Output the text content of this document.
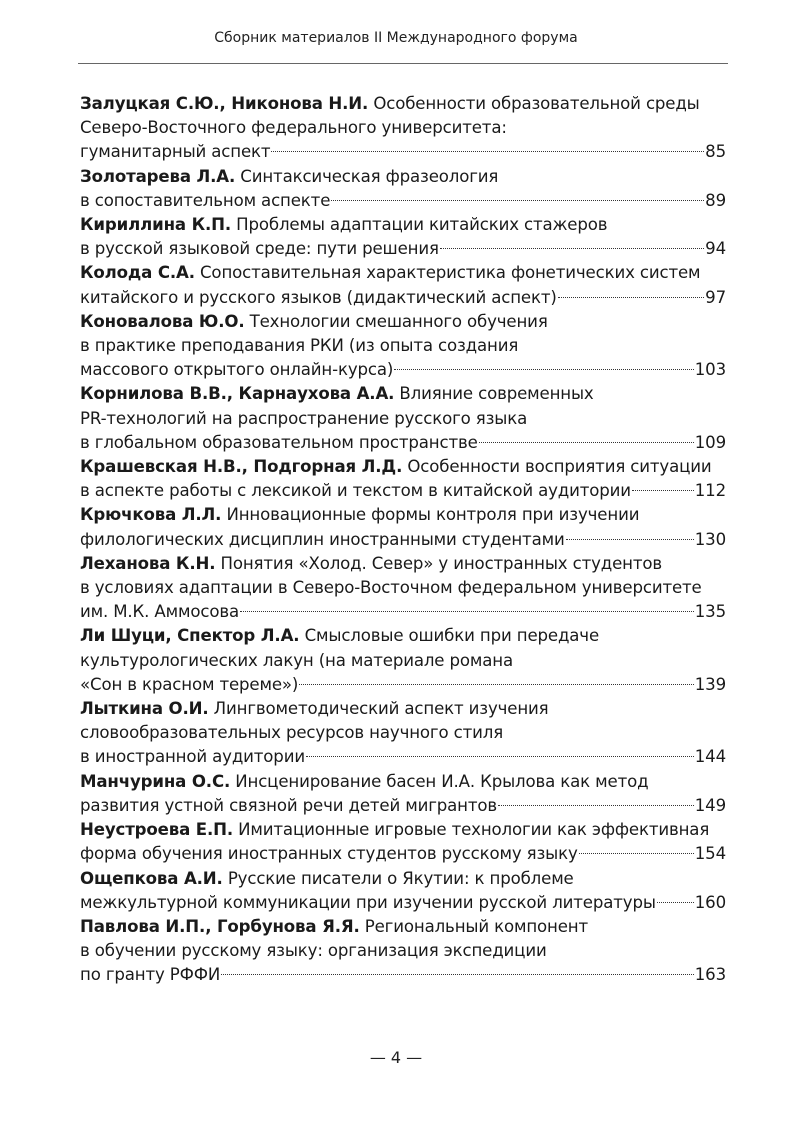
Сборник материалов II Международного форума
Залуцкая С.Ю., Никонова Н.И. Особенности образовательной среды
Северо-Восточного федерального университета:
гуманитарный аспект	85
Золотарева Л.А. Синтаксическая фразеология
в сопоставительном аспекте	89
Кириллина К.П. Проблемы адаптации китайских стажеров
в русской языковой среде: пути решения	94
Колода С.А. Сопоставительная характеристика фонетических систем
китайского и русского языков (дидактический аспект)	97
Коновалова Ю.О. Технологии смешанного обучения
в практике преподавания РКИ (из опыта создания
массового открытого онлайн-курса)	103
Корнилова В.В., Карнаухова А.А. Влияние современных
PR-технологий на распространение русского языка
в глобальном образовательном пространстве	109
Крашевская Н.В., Подгорная Л.Д. Особенности восприятия ситуации
в аспекте работы с лексикой и текстом в китайской аудитории	112
Крючкова Л.Л. Инновационные формы контроля при изучении
филологических дисциплин иностранными студентами	130
Леханова К.Н. Понятия «Холод. Север» у иностранных студентов
в условиях адаптации в Северо-Восточном федеральном университете
им. М.К. Аммосова	135
Ли Шуци, Спектор Л.А. Смысловые ошибки при передаче
культурологических лакун (на материале романа
«Сон в красном тереме»)	139
Лыткина О.И. Лингвометодический аспект изучения
словообразовательных ресурсов научного стиля
в иностранной аудитории	144
Манчурина О.С. Инсценирование басен И.А. Крылова как метод
развития устной связной речи детей мигрантов	149
Неустроева Е.П. Имитационные игровые технологии как эффективная
форма обучения иностранных студентов русскому языку	154
Ощепкова А.И. Русские писатели о Якутии: к проблеме
межкультурной коммуникации при изучении русской литературы 160
Павлова И.П., Горбунова Я.Я. Региональный компонент
в обучении русскому языку: организация экспедиции
по гранту РФФИ	163
— 4 —
